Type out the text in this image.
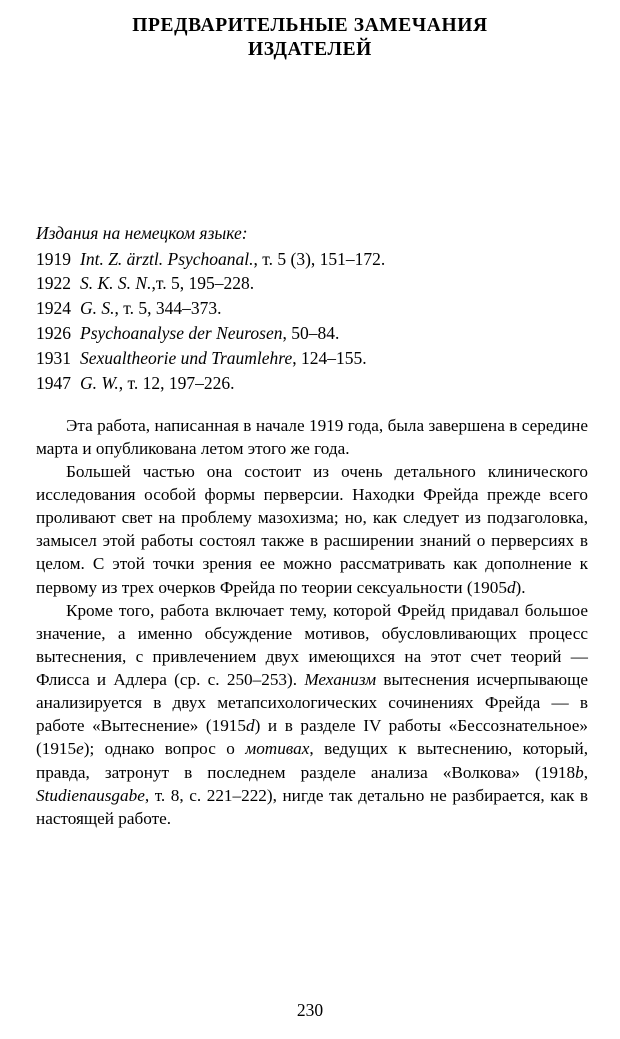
ПРЕДВАРИТЕЛЬНЫЕ ЗАМЕЧАНИЯ
ИЗДАТЕЛЕЙ
Издания на немецком языке:
1919 Int. Z. ärztl. Psychoanal., т. 5 (3), 151–172.
1922 S. K. S. N.,т. 5, 195–228.
1924 G. S., т. 5, 344–373.
1926 Psychoanalyse der Neurosen, 50–84.
1931 Sexualtheorie und Traumlehre, 124–155.
1947 G. W., т. 12, 197–226.

Эта работа, написанная в начале 1919 года, была завершена в середине марта и опубликована летом этого же года.

Большей частью она состоит из очень детального клинического исследования особой формы перверсии. Находки Фрейда прежде всего проливают свет на проблему мазохизма; но, как следует из подзаголовка, замысел этой работы состоял также в расширении знаний о перверсиях в целом. С этой точки зрения ее можно рассматривать как дополнение к первому из трех очерков Фрейда по теории сексуальности (1905d).

Кроме того, работа включает тему, которой Фрейд придавал большое значение, а именно обсуждение мотивов, обусловливающих процесс вытеснения, с привлечением двух имеющихся на этот счет теорий — Флисса и Адлера (ср. с. 250–253). Механизм вытеснения исчерпывающе анализируется в двух метапсихологических сочинениях Фрейда — в работе «Вытеснение» (1915d) и в разделе IV работы «Бессознательное» (1915e); однако вопрос о мотивах, ведущих к вытеснению, который, правда, затронут в последнем разделе анализа «Волкова» (1918b, Studienausgabe, т. 8, с. 221–222), нигде так детально не разбирается, как в настоящей работе.

230
